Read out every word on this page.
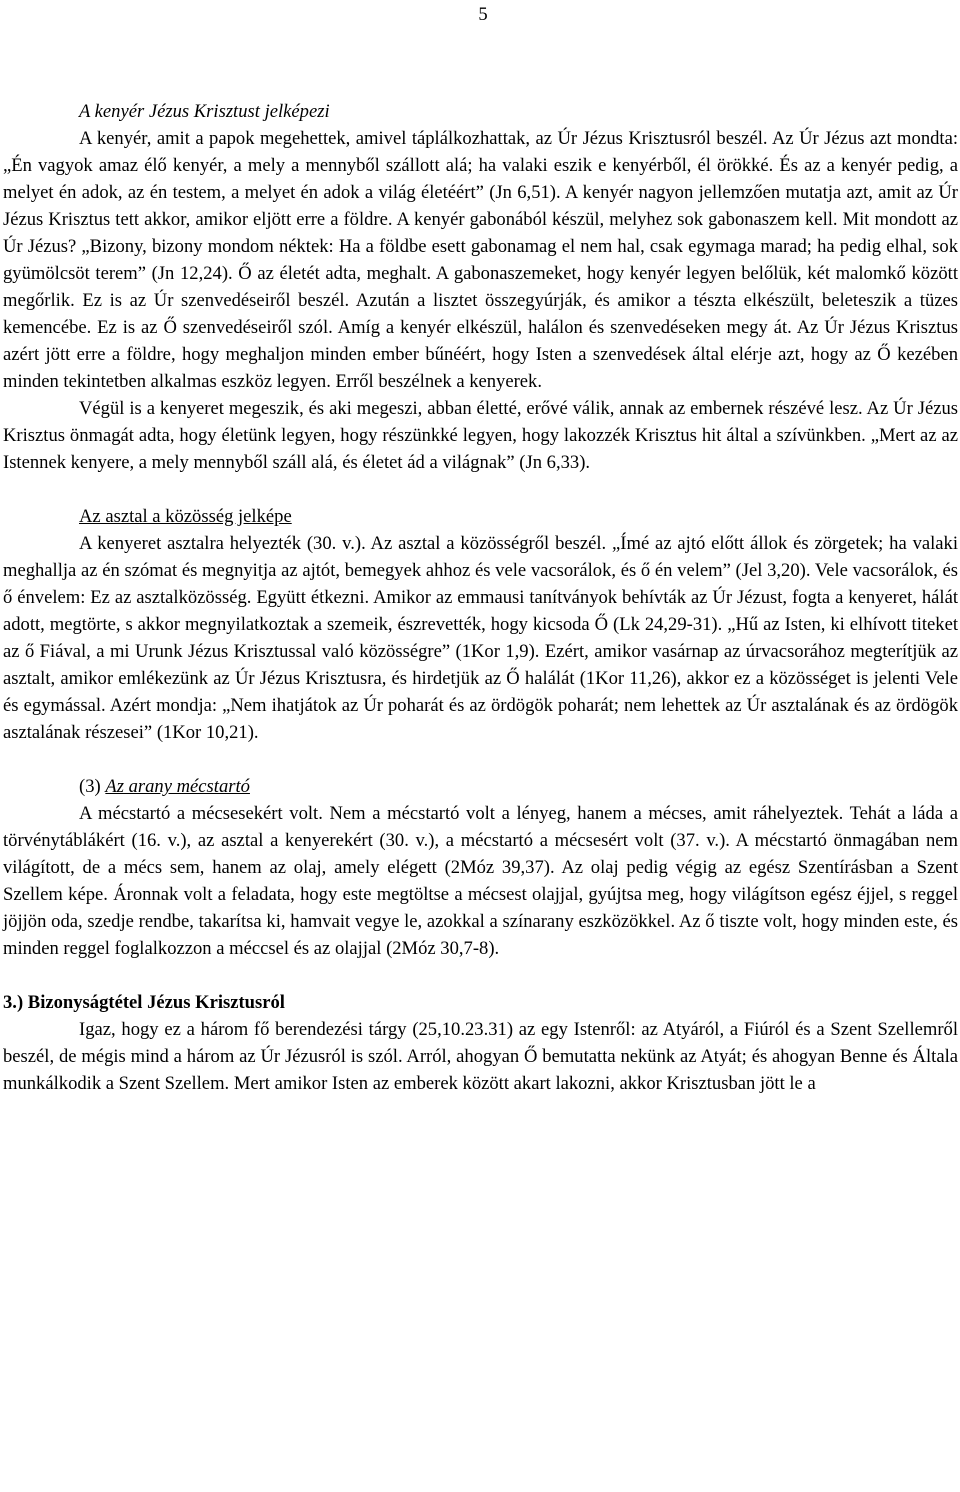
5

A kenyér Jézus Krisztust jelképezi

A kenyér, amit a papok megehettek, amivel táplálkozhattak, az Úr Jézus Krisztusról beszél. Az Úr Jézus azt mondta: „Én vagyok amaz élő kenyér, a mely a mennyből szállott alá; ha valaki eszik e kenyérből, él örökké. És az a kenyér pedig, a melyet én adok, az én testem, a melyet én adok a világ életéért” (Jn 6,51). A kenyér nagyon jellemzően mutatja azt, amit az Úr Jézus Krisztus tett akkor, amikor eljött erre a földre. A kenyér gabonából készül, melyhez sok gabonaszem kell. Mit mondott az Úr Jézus? „Bizony, bizony mondom néktek: Ha a földbe esett gabonamag el nem hal, csak egymaga marad; ha pedig elhal, sok gyümölcsöt terem” (Jn 12,24). Ő az életét adta, meghalt. A gabonaszemeket, hogy kenyér legyen belőlük, két malomkő között megőrlik. Ez is az Úr szenvedéseiről beszél. Azután a lisztet összegyúrják, és amikor a tészta elkészült, beleteszik a tüzes kemencébe. Ez is az Ő szenvedéseiről szól. Amíg a kenyér elkészül, halálon és szenvedéseken megy át. Az Úr Jézus Krisztus azért jött erre a földre, hogy meghaljon minden ember bűnéért, hogy Isten a szenvedések által elérje azt, hogy az Ő kezében minden tekintetben alkalmas eszköz legyen. Erről beszélnek a kenyerek.

Végül is a kenyeret megeszik, és aki megeszi, abban életté, erővé válik, annak az embernek részévé lesz. Az Úr Jézus Krisztus önmagát adta, hogy életünk legyen, hogy részünkké legyen, hogy lakozzék Krisztus hit által a szívünkben. „Mert az az Istennek kenyere, a mely mennyből száll alá, és életet ád a világnak” (Jn 6,33).

Az asztal a közösség jelképe

A kenyeret asztalra helyezték (30. v.). Az asztal a közösségről beszél. „Ímé az ajtó előtt állok és zörgetek; ha valaki meghallja az én szómat és megnyitja az ajtót, bemegyek ahhoz és vele vacsorálok, és ő én velem” (Jel 3,20). Vele vacsorálok, és ő énvelem: Ez az asztalközösség. Együtt étkezni. Amikor az emmausi tanítványok behívták az Úr Jézust, fogta a kenyeret, hálát adott, megtörte, s akkor megnyilatkoztak a szemeik, észrevették, hogy kicsoda Ő (Lk 24,29-31). „Hű az Isten, ki elhívott titeket az ő Fiával, a mi Urunk Jézus Krisztussal való közösségre” (1Kor 1,9). Ezért, amikor vasárnap az úrvacsorához megterítjük az asztalt, amikor emlékezünk az Úr Jézus Krisztusra, és hirdetjük az Ő halálát (1Kor 11,26), akkor ez a közösséget is jelenti Vele és egymással. Azért mondja: „Nem ihatjátok az Úr poharát és az ördögök poharát; nem lehettek az Úr asztalának és az ördögök asztalának részesei” (1Kor 10,21).

(3) Az arany mécstartó

A mécstartó a mécsesekért volt. Nem a mécstartó volt a lényeg, hanem a mécses, amit ráhelyeztek. Tehát a láda a törvénytáblákért (16. v.), az asztal a kenyerekért (30. v.), a mécstartó a mécsesért volt (37. v.). A mécstartó önmagában nem világított, de a mécs sem, hanem az olaj, amely elégett (2Móz 39,37). Az olaj pedig végig az egész Szentírásban a Szent Szellem képe. Áronnak volt a feladata, hogy este megtöltse a mécsest olajjal, gyújtsa meg, hogy világítson egész éjjel, s reggel jöjjön oda, szedje rendbe, takarítsa ki, hamvait vegye le, azokkal a színarany eszközökkel. Az ő tiszte volt, hogy minden este, és minden reggel foglalkozzon a méccsel és az olajjal (2Móz 30,7-8).

3.) Bizonyságtétel Jézus Krisztusról

Igaz, hogy ez a három fő berendezési tárgy (25,10.23.31) az egy Istenről: az Atyáról, a Fiúról és a Szent Szellemről beszél, de mégis mind a három az Úr Jézusról is szól. Arról, ahogyan Ő bemutatta nekünk az Atyát; és ahogyan Benne és Általa munkálkodik a Szent Szellem. Mert amikor Isten az emberek között akart lakozni, akkor Krisztusban jött le a
